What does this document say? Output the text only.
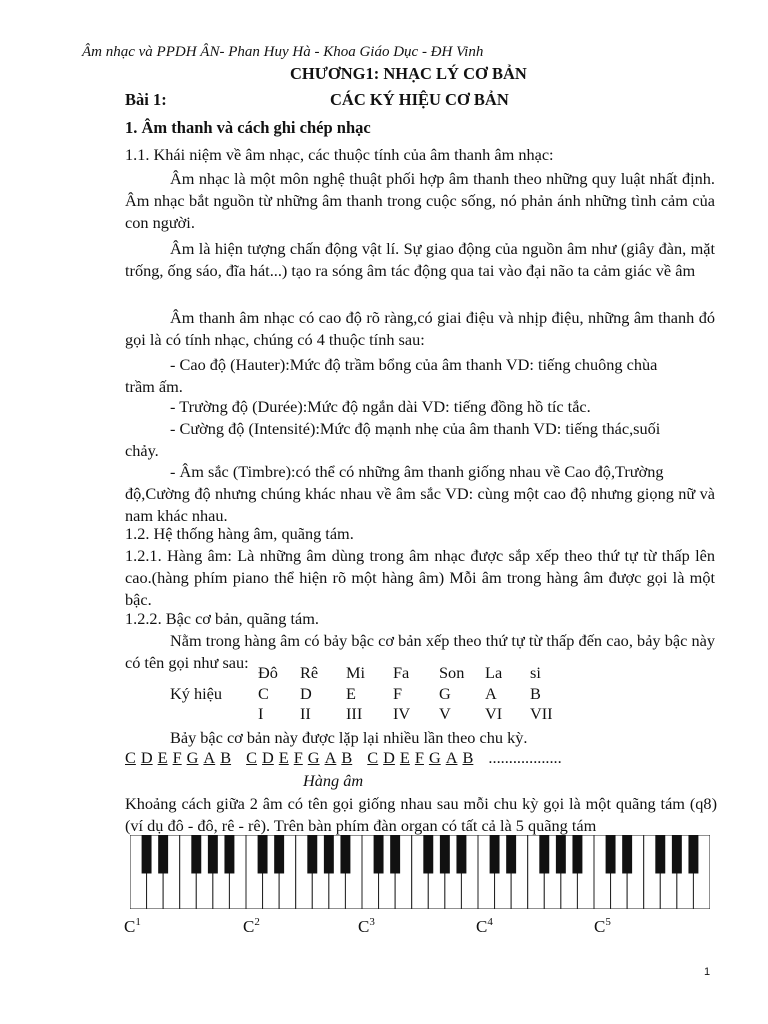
Âm nhạc và PPDH ÂN- Phan Huy Hà - Khoa Giáo Dục - ĐH Vinh
CHƯƠNG1: NHẠC LÝ CƠ BẢN
Bài 1:	CÁC KÝ HIỆU CƠ BẢN
1. Âm thanh và cách ghi chép nhạc
1.1. Khái niệm về âm nhạc, các thuộc tính của âm thanh âm nhạc:
Âm nhạc là một môn nghệ thuật phối hợp âm thanh theo những quy luật nhất định. Âm nhạc bắt nguồn từ những âm thanh trong cuộc sống, nó phản ánh những tình cảm của con người.
Âm là hiện tượng chấn động vật lí. Sự giao động của nguồn âm như (giây đàn, mặt trống, ống sáo, đĩa hát...) tạo ra sóng âm tác động qua tai vào đại não ta cảm giác về âm
Âm thanh âm nhạc có cao độ rõ ràng,có giai điệu và nhịp điệu, những âm thanh đó gọi là có tính nhạc, chúng có 4 thuộc tính sau:
- Cao độ (Hauter):Mức độ trầm bổng của âm thanh VD: tiếng chuông chùa
trầm ấm.
- Trường độ (Durée):Mức độ ngắn dài VD: tiếng đồng hồ tíc tắc.
- Cường độ (Intensité):Mức độ mạnh nhẹ của âm thanh VD: tiếng thác,suối
chảy.
- Âm sắc (Timbre):có thể có những âm thanh giống nhau về Cao độ,Trường
độ,Cường độ nhưng chúng khác nhau về âm sắc VD: cùng một cao độ nhưng giọng nữ và nam khác nhau.
1.2. Hệ thống hàng âm, quãng tám.
1.2.1. Hàng âm: Là những âm dùng trong âm nhạc được sắp xếp theo thứ tự từ thấp lên cao.(hàng phím piano thể hiện rõ một hàng âm) Mỗi âm trong hàng âm được gọi là một bậc.
1.2.2. Bậc cơ bản, quãng tám.
Nằm trong hàng âm có bảy bậc cơ bản xếp theo thứ tự từ thấp đến cao, bảy bậc này có tên gọi như sau:
	Đô	Rê	Mi	Fa	Son	La	si
Ký hiệu	C	D	E	F	G	A	B
	I	II	III	IV	V	VI	VII
Bảy bậc cơ bản này được lặp lại nhiều lần theo chu kỳ.
C D E F G A B C D E F G A B C D E F G A B ..................
Hàng âm
Khoảng cách giữa 2 âm có tên gọi giống nhau sau mỗi chu kỳ gọi là một quãng tám (q8) (ví dụ đô - đô, rê - rê). Trên bàn phím đàn organ có tất cả là 5 quãng tám
$C^1$	$C^2$	$C^3$	$C^4$	$C^5$
1
